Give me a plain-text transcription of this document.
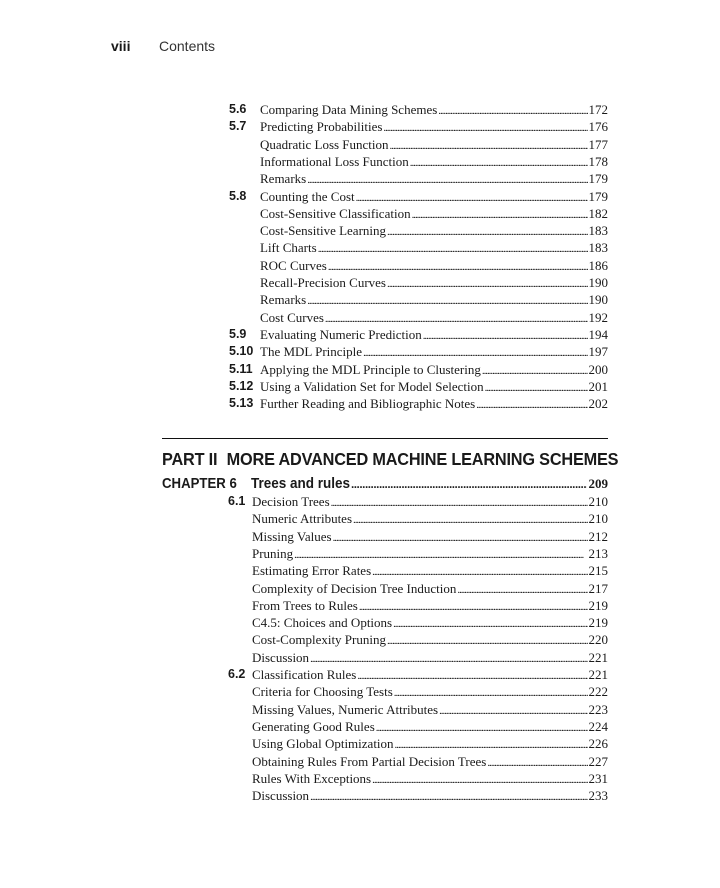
viii Contents
5.6 Comparing Data Mining Schemes . . .	172
5.7 Predicting Probabilities . . .	176
Quadratic Loss Function . . .	177
Informational Loss Function . . .	178
Remarks . . .	179
5.8 Counting the Cost . . .	179
Cost-Sensitive Classification . . .	182
Cost-Sensitive Learning . . .	183
Lift Charts . . .	183
ROC Curves . . .	186
Recall-Precision Curves . . .	190
Remarks . . .	190
Cost Curves . . .	192
5.9 Evaluating Numeric Prediction . . .	194
5.10 The MDL Principle . . .	197
5.11 Applying the MDL Principle to Clustering . . .	200
5.12 Using a Validation Set for Model Selection . . .	201
5.13 Further Reading and Bibliographic Notes . . .	202
PART II MORE ADVANCED MACHINE LEARNING SCHEMES
CHAPTER 6 Trees and rules . . .	209
6.1 Decision Trees . . .	210
Numeric Attributes . . .	210
Missing Values . . .	212
Pruning . . .	213
Estimating Error Rates . . .	215
Complexity of Decision Tree Induction . . .	217
From Trees to Rules . . .	219
C4.5: Choices and Options . . .	219
Cost-Complexity Pruning . . .	220
Discussion . . .	221
6.2 Classification Rules . . .	221
Criteria for Choosing Tests . . .	222
Missing Values, Numeric Attributes . . .	223
Generating Good Rules . . .	224
Using Global Optimization . . .	226
Obtaining Rules From Partial Decision Trees . . .	227
Rules With Exceptions . . .	231
Discussion . . .	233
